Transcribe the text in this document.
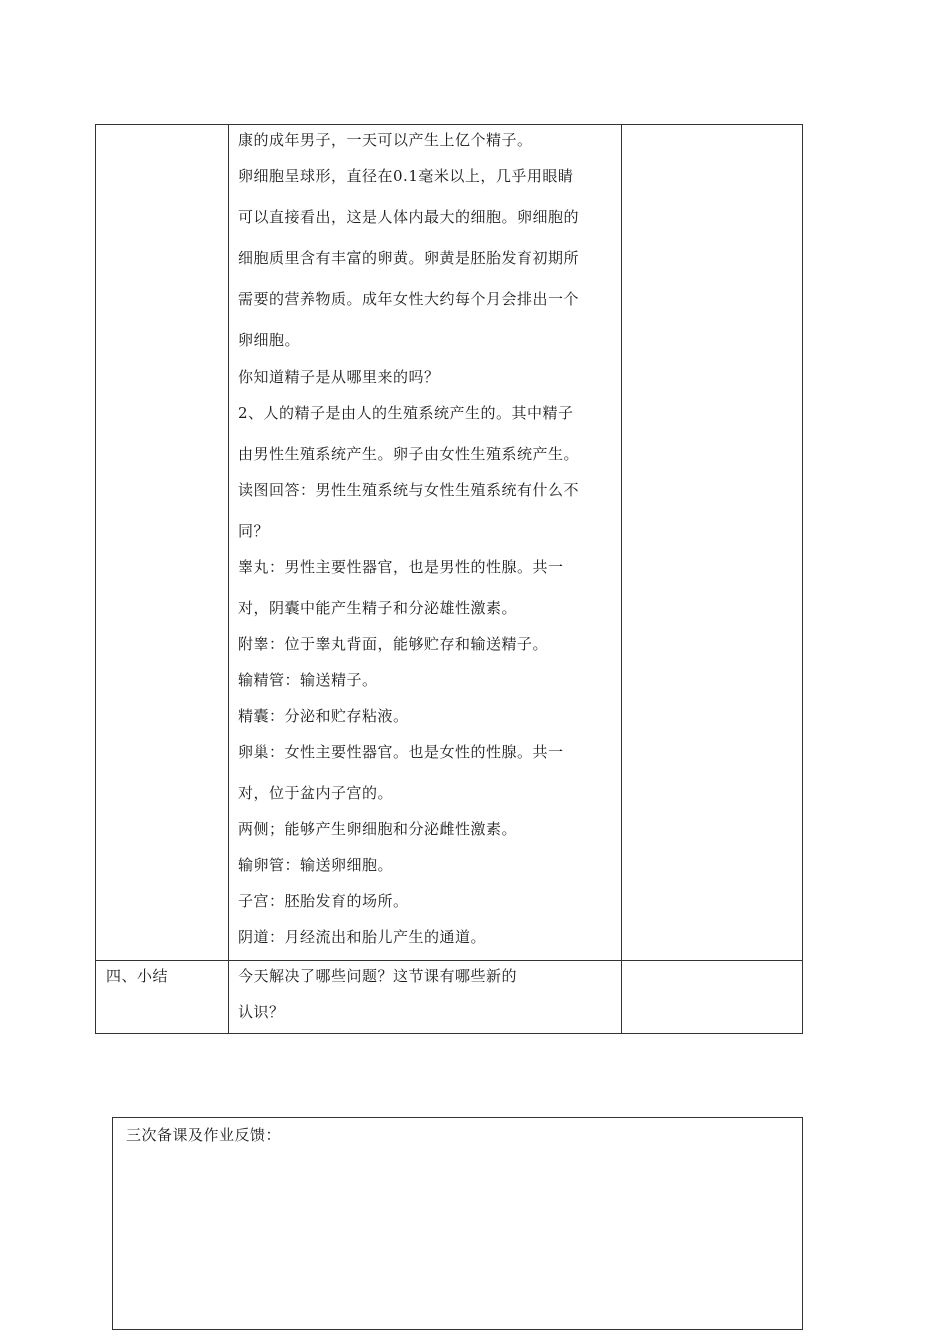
康的成年男子，一天可以产生上亿个精子。
卵细胞呈球形，直径在0.1毫米以上，几乎用眼睛
可以直接看出，这是人体内最大的细胞。卵细胞的
细胞质里含有丰富的卵黄。卵黄是胚胎发育初期所
需要的营养物质。成年女性大约每个月会排出一个
卵细胞。
你知道精子是从哪里来的吗？
2、人的精子是由人的生殖系统产生的。其中精子
由男性生殖系统产生。卵子由女性生殖系统产生。
读图回答：男性生殖系统与女性生殖系统有什么不
同？
睾丸：男性主要性器官，也是男性的性腺。共一
对，阴囊中能产生精子和分泌雄性激素。
附睾：位于睾丸背面，能够贮存和输送精子。
输精管：输送精子。
精囊：分泌和贮存粘液。
卵巢：女性主要性器官。也是女性的性腺。共一
对，位于盆内子宫的。
两侧；能够产生卵细胞和分泌雌性激素。
输卵管：输送卵细胞。
子宫：胚胎发育的场所。
阴道：月经流出和胎儿产生的通道。
四、小结	今天解决了哪些问题？这节课有哪些新的
认识？
三次备课及作业反馈：
